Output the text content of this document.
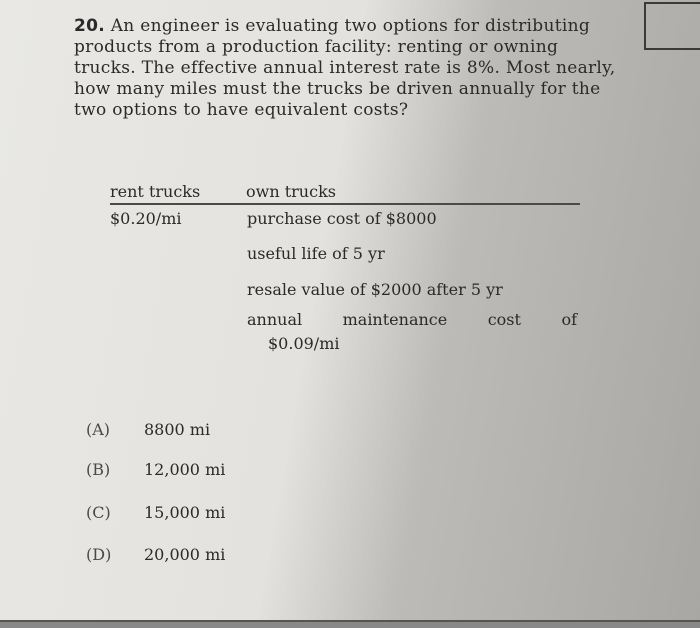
20. An engineer is evaluating two options for distributing products from a production facility: renting or owning trucks. The effective annual interest rate is 8%. Most nearly, how many miles must the trucks be driven annually for the two options to have equivalent costs?
rent trucks	own trucks
$0.20/mi	purchase cost of $8000
useful life of 5 yr
resale value of $2000 after 5 yr
annual maintenance cost of
$0.09/mi
(A) 8800 mi
(B) 12,000 mi
(C) 15,000 mi
(D) 20,000 mi
